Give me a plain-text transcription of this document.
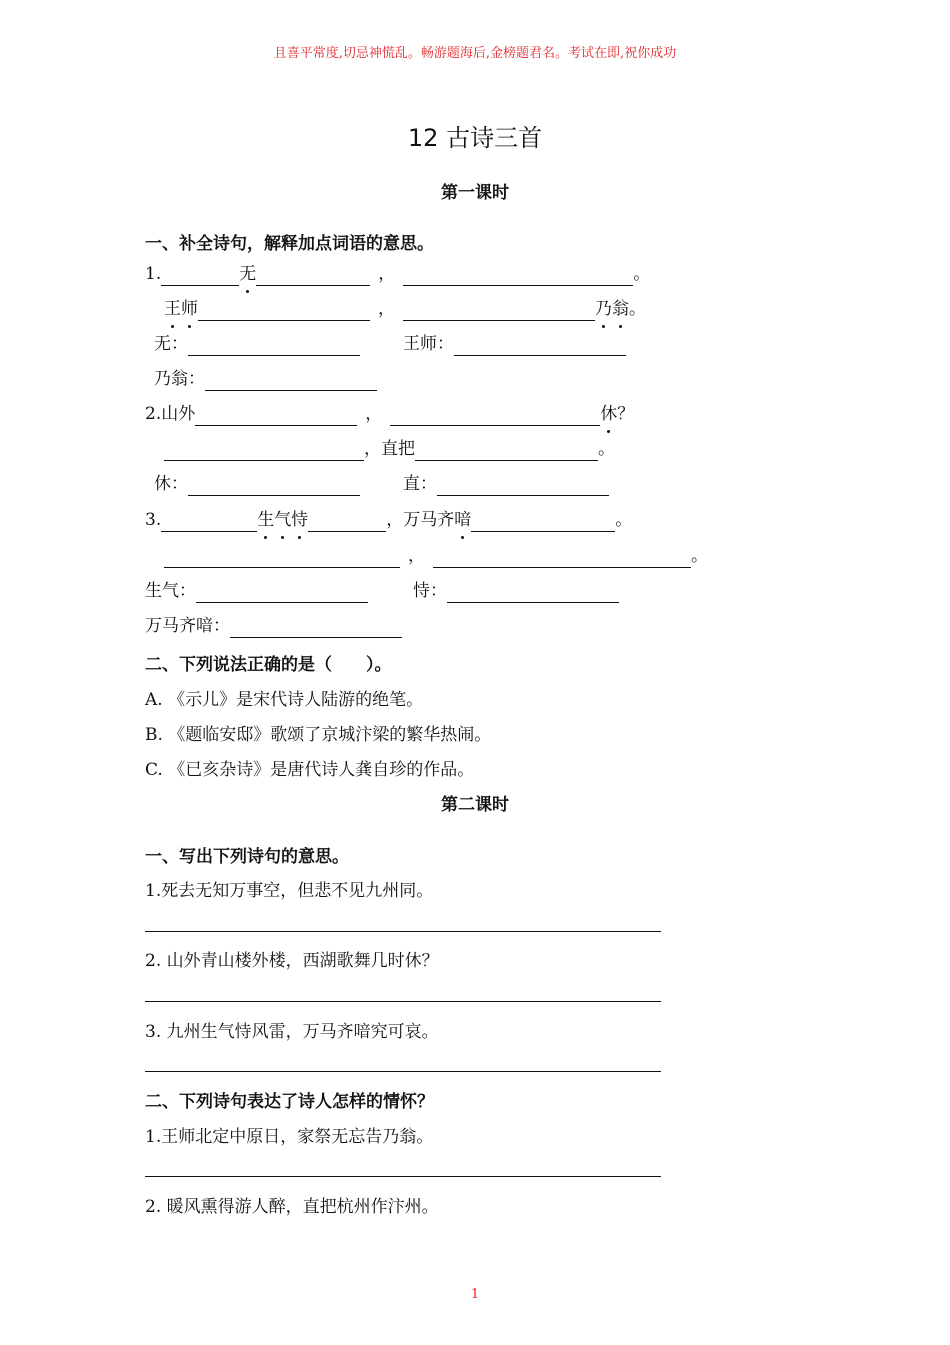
且喜平常度,切忌神慌乱。畅游题海后,金榜题君名。考试在即,祝你成功
12 古诗三首
第一课时
一、补全诗句，解释加点词语的意思。
1.	无	，	。
王 师	，	乃 翁 。
无：	王师：
乃翁：
2.山外	，	休 ？
，直把	。
休：	直：
3.	生 气 恃	，万马齐 喑	。
，	。
生气：	恃：
万马齐喑：
二、下列说法正确的是（　　）。
A. 《示儿》是宋代诗人陆游的绝笔。
B. 《题临安邸》歌颂了京城汴梁的繁华热闹。
C. 《已亥杂诗》是唐代诗人龚自珍的作品。
第二课时
一、写出下列诗句的意思。
1.死去无知万事空，但悲不见九州同。
2. 山外青山楼外楼，西湖歌舞几时休？
3. 九州生气恃风雷，万马齐喑究可哀。
二、下列诗句表达了诗人怎样的情怀？
1.王师北定中原日，家祭无忘告乃翁。
2. 暖风熏得游人醉，直把杭州作汴州。
1
